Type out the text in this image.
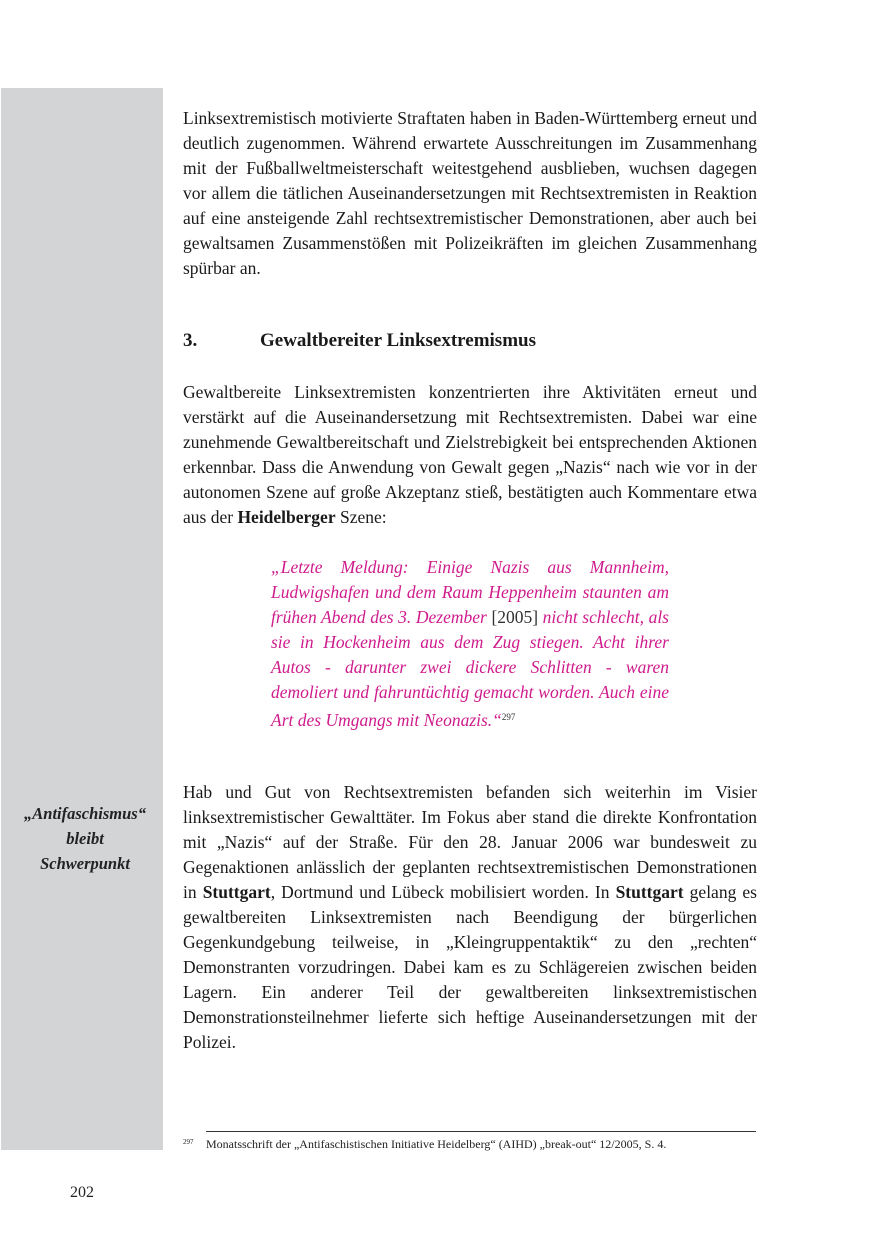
„Antifaschismus“
bleibt
Schwerpunkt

Linksextremistisch motivierte Straftaten haben in Baden-Württemberg erneut und deutlich zugenommen. Während erwartete Ausschreitungen im Zusammenhang mit der Fußballweltmeisterschaft weitestgehend ausblieben, wuchsen dagegen vor allem die tätlichen Auseinandersetzungen mit Rechtsextremisten in Reaktion auf eine ansteigende Zahl rechtsextremistischer Demonstrationen, aber auch bei gewaltsamen Zusammenstößen mit Polizeikräften im gleichen Zusammenhang spürbar an.

3.	Gewaltbereiter Linksextremismus

Gewaltbereite Linksextremisten konzentrierten ihre Aktivitäten erneut und verstärkt auf die Auseinandersetzung mit Rechtsextremisten. Dabei war eine zunehmende Gewaltbereitschaft und Zielstrebigkeit bei entsprechenden Aktionen erkennbar. Dass die Anwendung von Gewalt gegen „Nazis“ nach wie vor in der autonomen Szene auf große Akzeptanz stieß, bestätigten auch Kommentare etwa aus der Heidelberger Szene:

„Letzte Meldung: Einige Nazis aus Mannheim, Ludwigshafen und dem Raum Heppenheim staunten am frühen Abend des 3. Dezember [2005] nicht schlecht, als sie in Hockenheim aus dem Zug stiegen. Acht ihrer Autos - darunter zwei dickere Schlitten - waren demoliert und fahruntüchtig gemacht worden. Auch eine Art des Umgangs mit Neonazis.“$^{297}$

Hab und Gut von Rechtsextremisten befanden sich weiterhin im Visier linksextremistischer Gewalttäter. Im Fokus aber stand die direkte Konfrontation mit „Nazis“ auf der Straße. Für den 28. Januar 2006 war bundesweit zu Gegenaktionen anlässlich der geplanten rechtsextremistischen Demonstrationen in Stuttgart, Dortmund und Lübeck mobilisiert worden. In Stuttgart gelang es gewaltbereiten Linksextremisten nach Beendigung der bürgerlichen Gegenkundgebung teilweise, in „Kleingruppentaktik“ zu den „rechten“ Demonstranten vorzudringen. Dabei kam es zu Schlägereien zwischen beiden Lagern. Ein anderer Teil der gewaltbereiten linksextremistischen Demonstrationsteilnehmer lieferte sich heftige Auseinandersetzungen mit der Polizei.

297 Monatsschrift der „Antifaschistischen Initiative Heidelberg“ (AIHD) „break-out“ 12/2005, S. 4.
202
